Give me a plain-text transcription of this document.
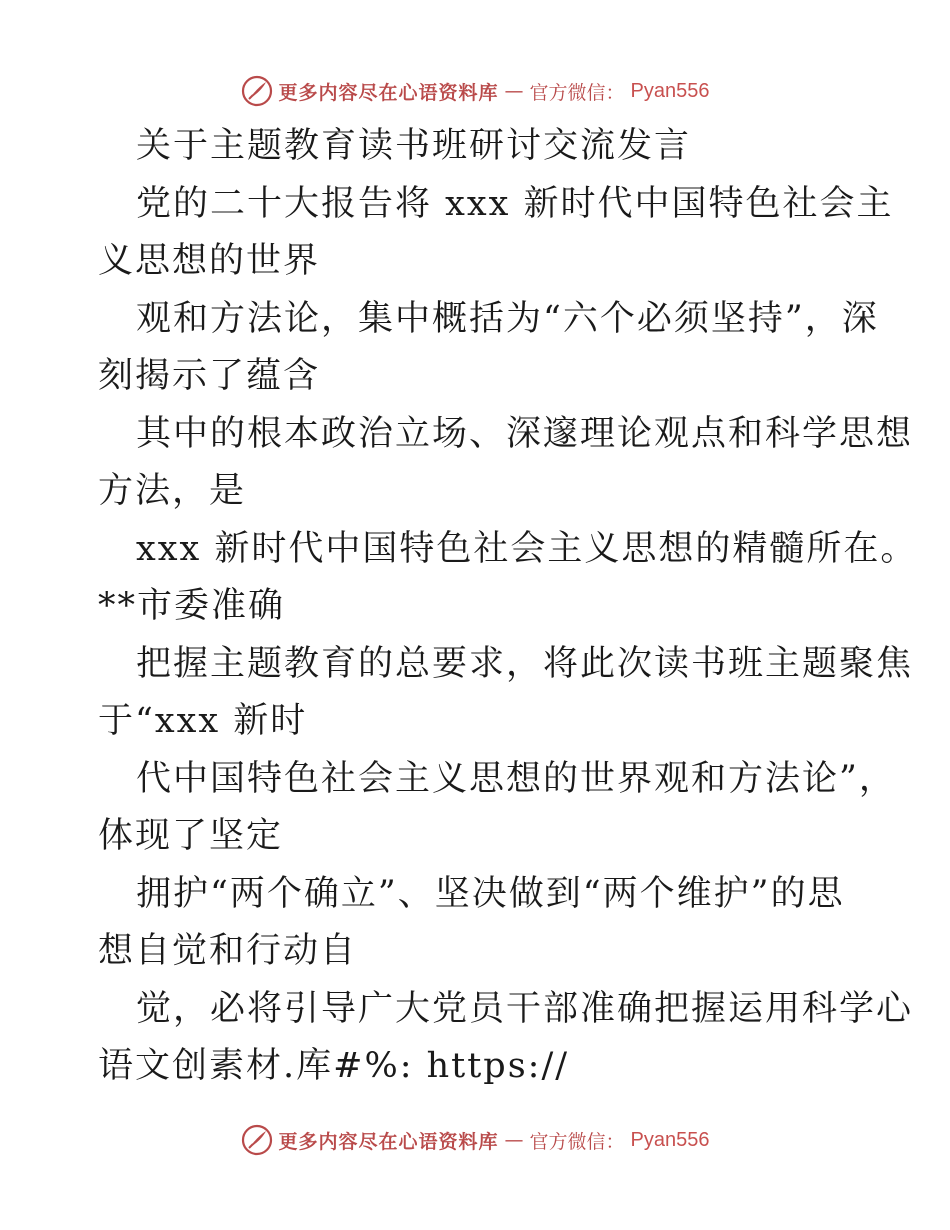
更多内容尽在心语资料库 — 官方微信： Pyan556
关于主题教育读书班研讨交流发言
党的二十大报告将 xxx 新时代中国特色社会主
义思想的世界
观和方法论，集中概括为“六个必须坚持”，深
刻揭示了蕴含
其中的根本政治立场、深邃理论观点和科学思想
方法，是
xxx 新时代中国特色社会主义思想的精髓所在。
**市委准确
把握主题教育的总要求，将此次读书班主题聚焦
于“xxx 新时
代中国特色社会主义思想的世界观和方法论”，
体现了坚定
拥护“两个确立”、坚决做到“两个维护”的思
想自觉和行动自
觉，必将引导广大党员干部准确把握运用科学心
语文创素材.库#%: https://
更多内容尽在心语资料库 — 官方微信： Pyan556
